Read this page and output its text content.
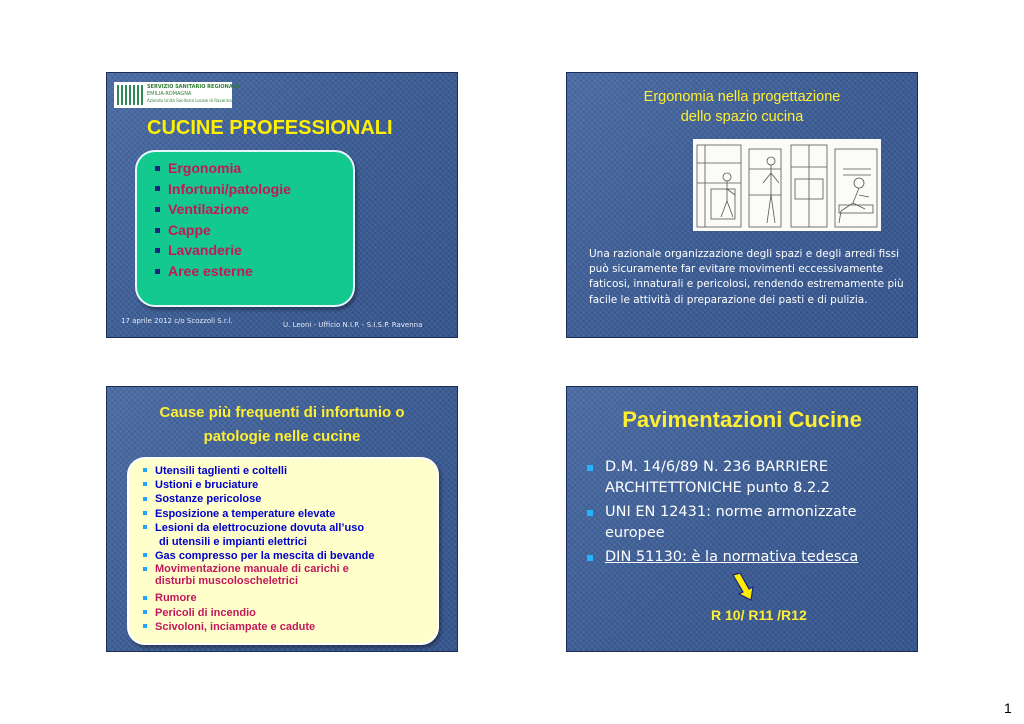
SERVIZIO SANITARIO REGIONALE
EMILIA-ROMAGNA
Azienda Unità Sanitaria Locale di Ravenna
CUCINE PROFESSIONALI
Ergonomia
Infortuni/patologie
Ventilazione
Cappe
Lavanderie
Aree esterne
17 aprile 2012 c/o Scozzoli S.r.l.	U. Leoni - Ufficio N.I.P. - S.I.S.P. Ravenna
Ergonomia nella progettazione
dello spazio cucina
Una razionale organizzazione degli spazi e degli arredi fissi può sicuramente far evitare movimenti eccessivamente faticosi, innaturali e pericolosi, rendendo estremamente più facile le attività di preparazione dei pasti e di pulizia.
Cause più frequenti di infortunio o
patologie nelle cucine
Utensili taglienti e coltelli
Ustioni e bruciature
Sostanze pericolose
Esposizione a temperature elevate
Lesioni da elettrocuzione dovuta all’uso
di utensili e impianti elettrici
Gas compresso per la mescita di bevande
Movimentazione manuale di carichi e
disturbi muscoloscheletrici
Rumore
Pericoli di incendio
Scivoloni, inciampate e cadute
Pavimentazioni Cucine
D.M. 14/6/89 N. 236 BARRIERE ARCHITETTONICHE punto 8.2.2
UNI EN 12431: norme armonizzate europee
DIN 51130: è la normativa tedesca
R 10/ R11 /R12
1
